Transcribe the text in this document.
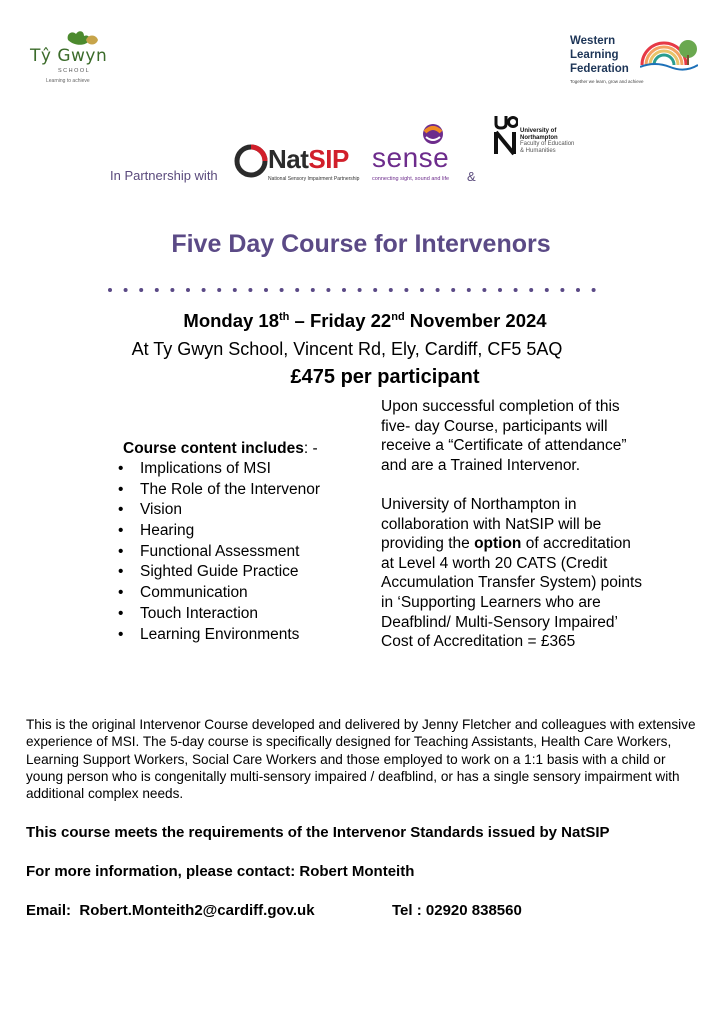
Tŷ Gwyn
SCHOOL
Learning to achieve
Western
Learning
Federation
Together we learn, grow and achieve
In Partnership with
NatSIP
National Sensory Impairment Partnership
sense
connecting sight, sound and life &
University of
Northampton
Faculty of Education
& Humanities
Five Day Course for Intervenors
Monday 18th – Friday 22nd November 2024
At Ty Gwyn School, Vincent Rd, Ely, Cardiff, CF5 5AQ
£475 per participant
Course content includes: -
• Implications of MSI
• The Role of the Intervenor
• Vision
• Hearing
• Functional Assessment
• Sighted Guide Practice
• Communication
• Touch Interaction
• Learning Environments

Upon successful completion of this five- day Course, participants will receive a “Certificate of attendance” and are a Trained Intervenor.

University of Northampton in collaboration with NatSIP will be providing the option of accreditation at Level 4 worth 20 CATS (Credit Accumulation Transfer System) points in ‘Supporting Learners who are Deafblind/ Multi-Sensory Impaired’

Cost of Accreditation = £365

This is the original Intervenor Course developed and delivered by Jenny Fletcher and colleagues with extensive experience of MSI. The 5-day course is specifically designed for Teaching Assistants, Health Care Workers, Learning Support Workers, Social Care Workers and those employed to work on a 1:1 basis with a child or young person who is congenitally multi-sensory impaired / deafblind, or has a single sensory impairment with additional complex needs.
This course meets the requirements of the Intervenor Standards issued by NatSIP
For more information, please contact: Robert Monteith
Email:  Robert.Monteith2@cardiff.gov.uk	Tel : 02920 838560
